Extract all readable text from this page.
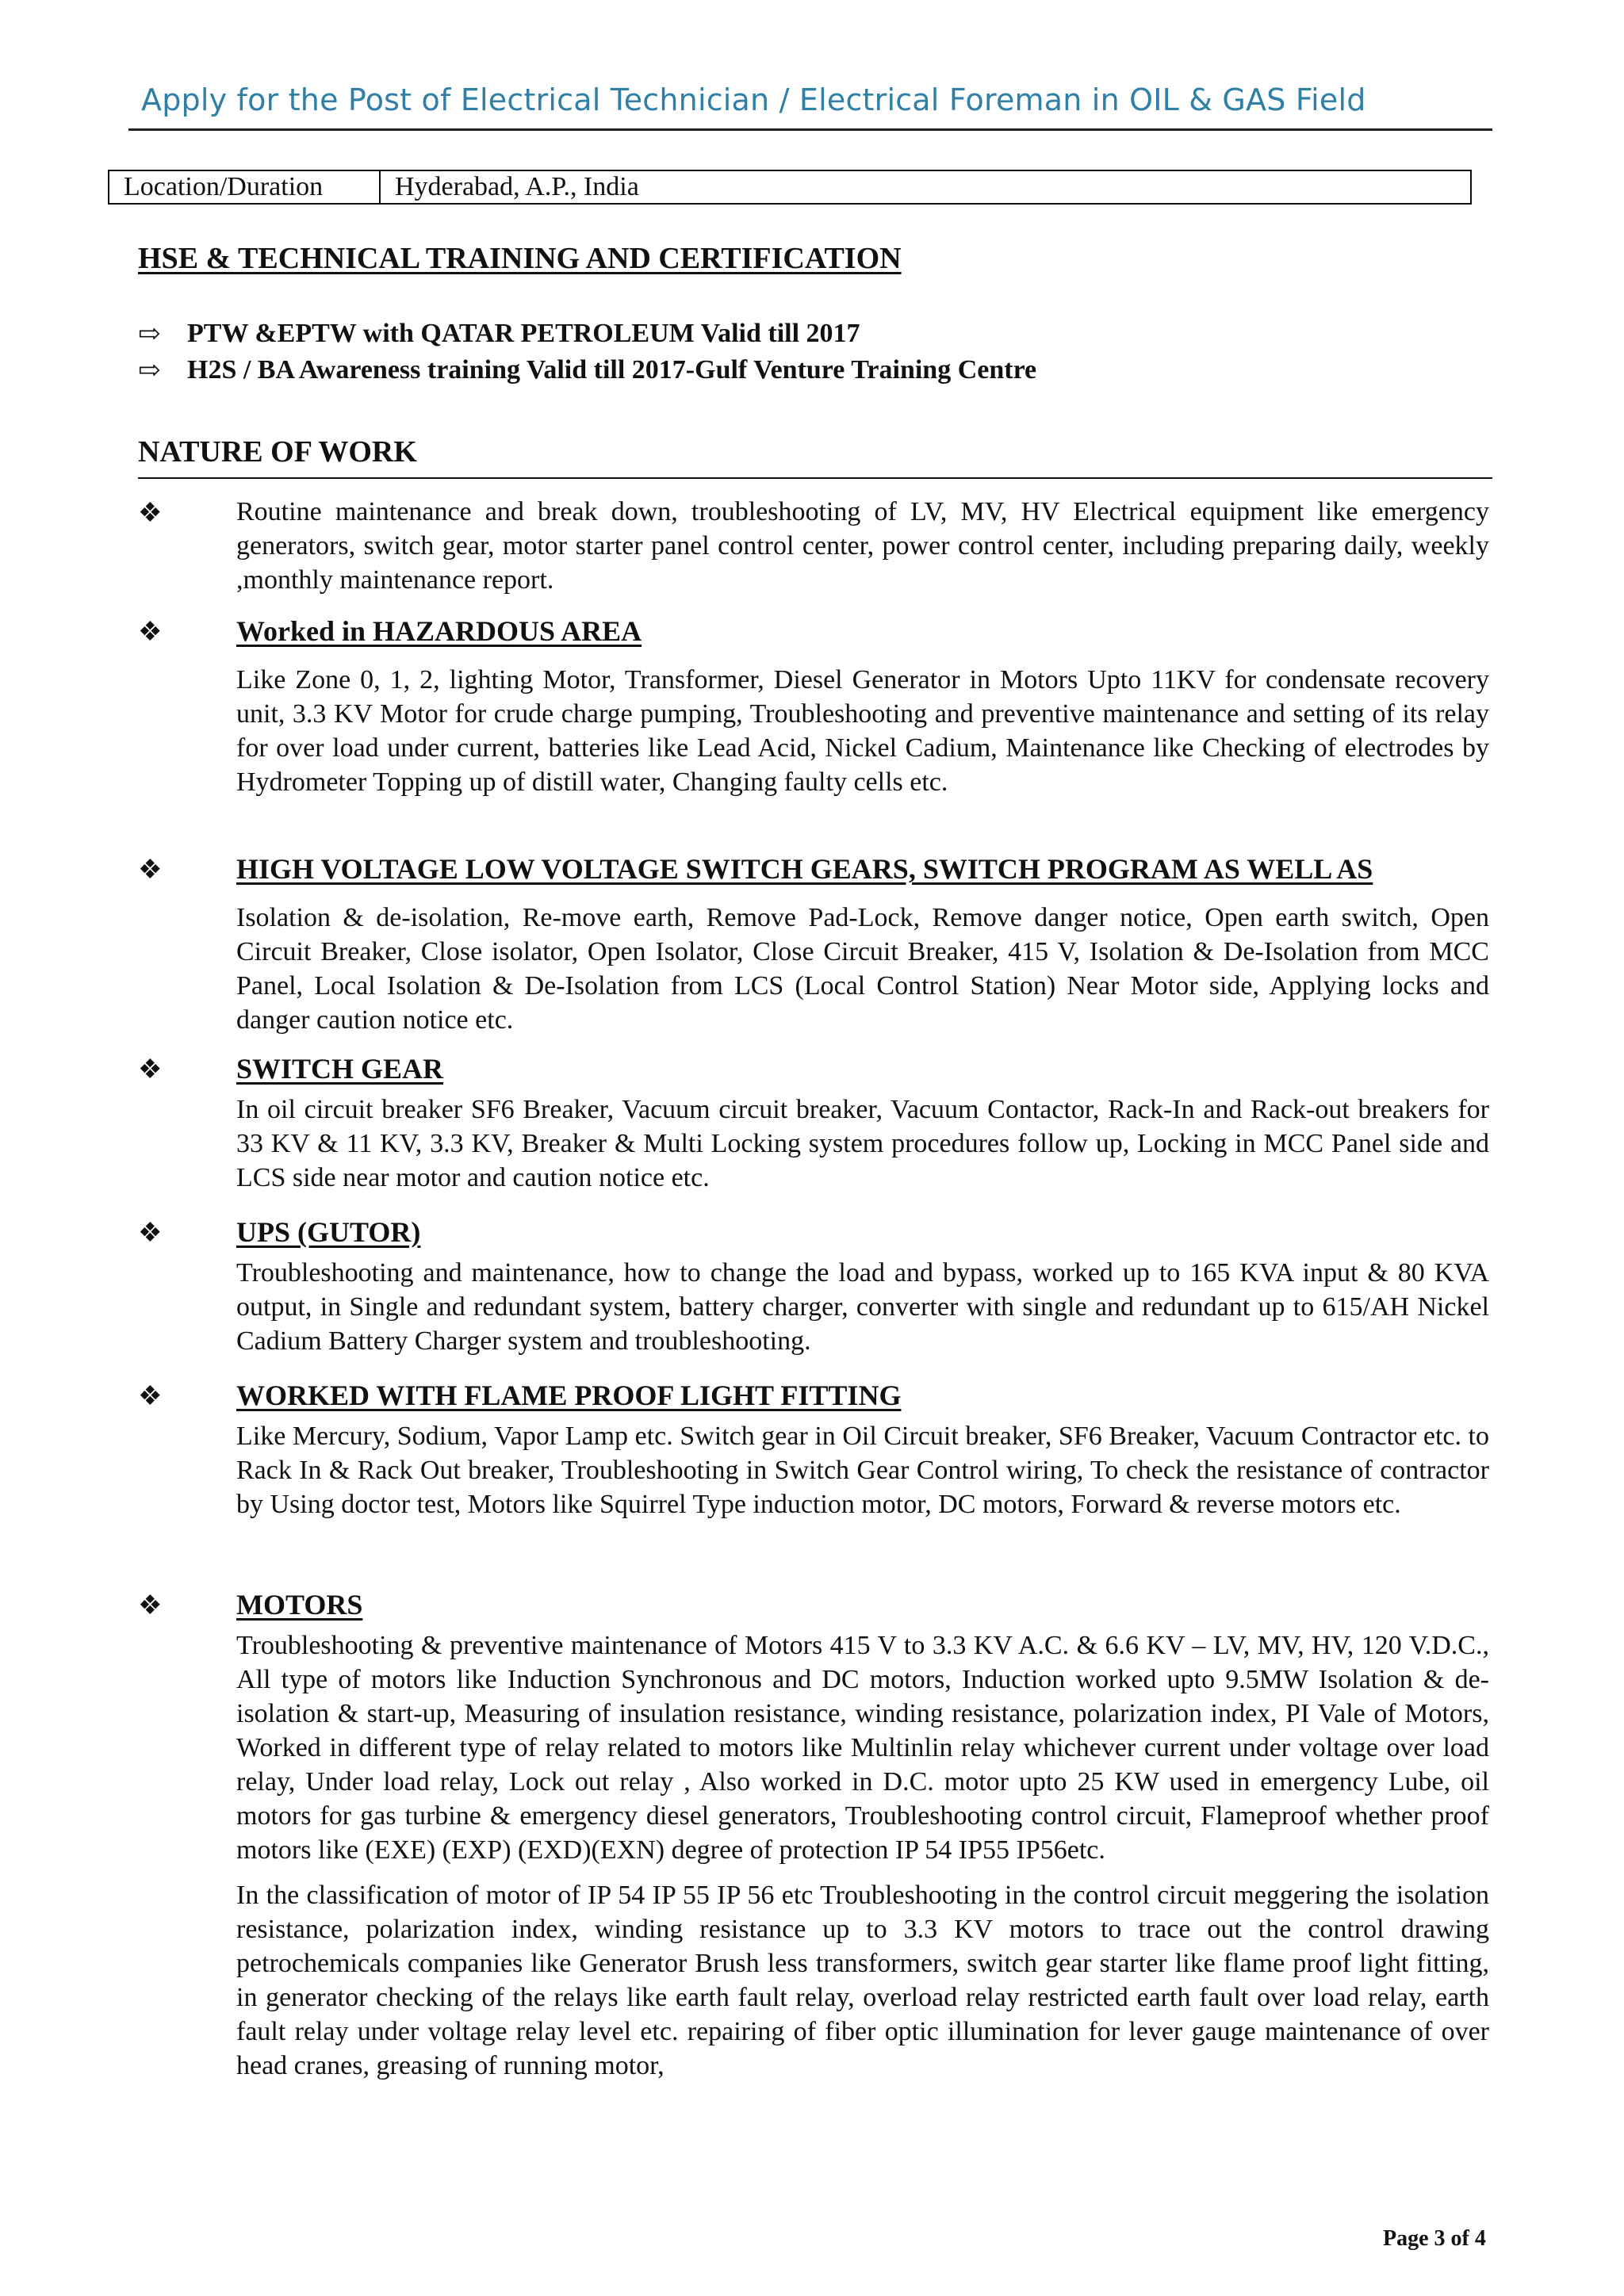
Apply for the Post of Electrical Technician / Electrical Foreman in OIL & GAS Field
Location/Duration	Hyderabad, A.P., India
HSE & TECHNICAL TRAINING AND CERTIFICATION
⇨ PTW &EPTW with QATAR PETROLEUM Valid till 2017
⇨ H2S / BA Awareness training Valid till 2017-Gulf Venture Training Centre
NATURE OF WORK
❖	Routine maintenance and break down, troubleshooting of LV, MV, HV Electrical equipment like emergency generators, switch gear, motor starter panel control center, power control center, including preparing daily, weekly ,monthly maintenance report.

❖	Worked in HAZARDOUS AREA

Like Zone 0, 1, 2, lighting Motor, Transformer, Diesel Generator in Motors Upto 11KV for condensate recovery unit, 3.3 KV Motor for crude charge pumping, Troubleshooting and preventive maintenance and setting of its relay for over load under current, batteries like Lead Acid, Nickel Cadium, Maintenance like Checking of electrodes by Hydrometer Topping up of distill water, Changing faulty cells etc.

❖	HIGH VOLTAGE LOW VOLTAGE SWITCH GEARS, SWITCH PROGRAM AS WELL AS

Isolation & de-isolation, Re-move earth, Remove Pad-Lock, Remove danger notice, Open earth switch, Open Circuit Breaker, Close isolator, Open Isolator, Close Circuit Breaker, 415 V, Isolation & De-Isolation from MCC Panel, Local Isolation & De-Isolation from LCS (Local Control Station) Near Motor side, Applying locks and danger caution notice etc.

❖	SWITCH GEAR

In oil circuit breaker SF6 Breaker, Vacuum circuit breaker, Vacuum Contactor, Rack-In and Rack-out breakers for 33 KV & 11 KV, 3.3 KV, Breaker & Multi Locking system procedures follow up, Locking in MCC Panel side and LCS side near motor and caution notice etc.

❖	UPS (GUTOR)

Troubleshooting and maintenance, how to change the load and bypass, worked up to 165 KVA input & 80 KVA output, in Single and redundant system, battery charger, converter with single and redundant up to 615/AH Nickel Cadium Battery Charger system and troubleshooting.

❖	WORKED WITH FLAME PROOF LIGHT FITTING

Like Mercury, Sodium, Vapor Lamp etc. Switch gear in Oil Circuit breaker, SF6 Breaker, Vacuum Contractor etc. to Rack In & Rack Out breaker, Troubleshooting in Switch Gear Control wiring, To check the resistance of contractor by Using doctor test, Motors like Squirrel Type induction motor, DC motors, Forward & reverse motors etc.

❖	MOTORS

Troubleshooting & preventive maintenance of Motors 415 V to 3.3 KV A.C. & 6.6 KV – LV, MV, HV, 120 V.D.C., All type of motors like Induction Synchronous and DC motors, Induction worked upto 9.5MW Isolation & de-isolation & start-up, Measuring of insulation resistance, winding resistance, polarization index, PI Vale of Motors, Worked in different type of relay related to motors like Multinlin relay whichever current under voltage over load relay, Under load relay, Lock out relay , Also worked in D.C. motor upto 25 KW used in emergency Lube, oil motors for gas turbine & emergency diesel generators, Troubleshooting control circuit, Flameproof whether proof motors like (EXE) (EXP) (EXD)(EXN) degree of protection IP 54 IP55 IP56etc.

In the classification of motor of IP 54 IP 55 IP 56 etc Troubleshooting in the control circuit meggering the isolation resistance, polarization index, winding resistance up to 3.3 KV motors to trace out the control drawing petrochemicals companies like Generator Brush less transformers, switch gear starter like flame proof light fitting, in generator checking of the relays like earth fault relay, overload relay restricted earth fault over load relay, earth fault relay under voltage relay level etc. repairing of fiber optic illumination for lever gauge maintenance of over head cranes, greasing of running motor,

Page 3 of 4
